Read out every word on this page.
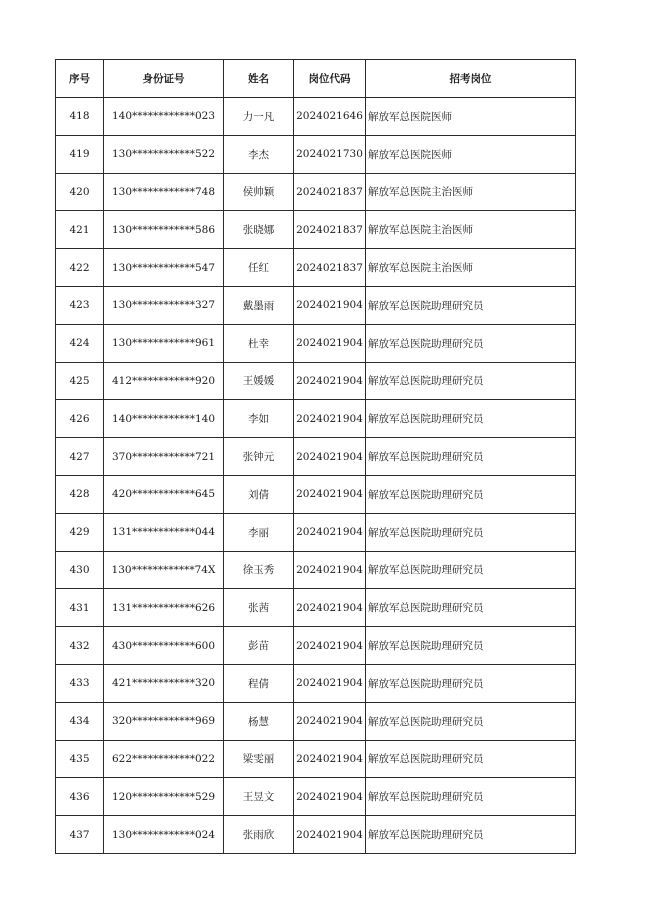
序号	身份证号	姓名	岗位代码	招考岗位
418	140************023	力一凡	2024021646	解放军总医院医师
419	130************522	李杰	2024021730	解放军总医院医师
420	130************748	侯帅颖	2024021837	解放军总医院主治医师
421	130************586	张晓娜	2024021837	解放军总医院主治医师
422	130************547	任红	2024021837	解放军总医院主治医师
423	130************327	戴墨雨	2024021904	解放军总医院助理研究员
424	130************961	杜幸	2024021904	解放军总医院助理研究员
425	412************920	王媛媛	2024021904	解放军总医院助理研究员
426	140************140	李如	2024021904	解放军总医院助理研究员
427	370************721	张钟元	2024021904	解放军总医院助理研究员
428	420************645	刘倩	2024021904	解放军总医院助理研究员
429	131************044	李丽	2024021904	解放军总医院助理研究员
430	130************74X	徐玉秀	2024021904	解放军总医院助理研究员
431	131************626	张茜	2024021904	解放军总医院助理研究员
432	430************600	彭苗	2024021904	解放军总医院助理研究员
433	421************320	程倩	2024021904	解放军总医院助理研究员
434	320************969	杨慧	2024021904	解放军总医院助理研究员
435	622************022	梁雯丽	2024021904	解放军总医院助理研究员
436	120************529	王昱文	2024021904	解放军总医院助理研究员
437	130************024	张雨欣	2024021904	解放军总医院助理研究员
